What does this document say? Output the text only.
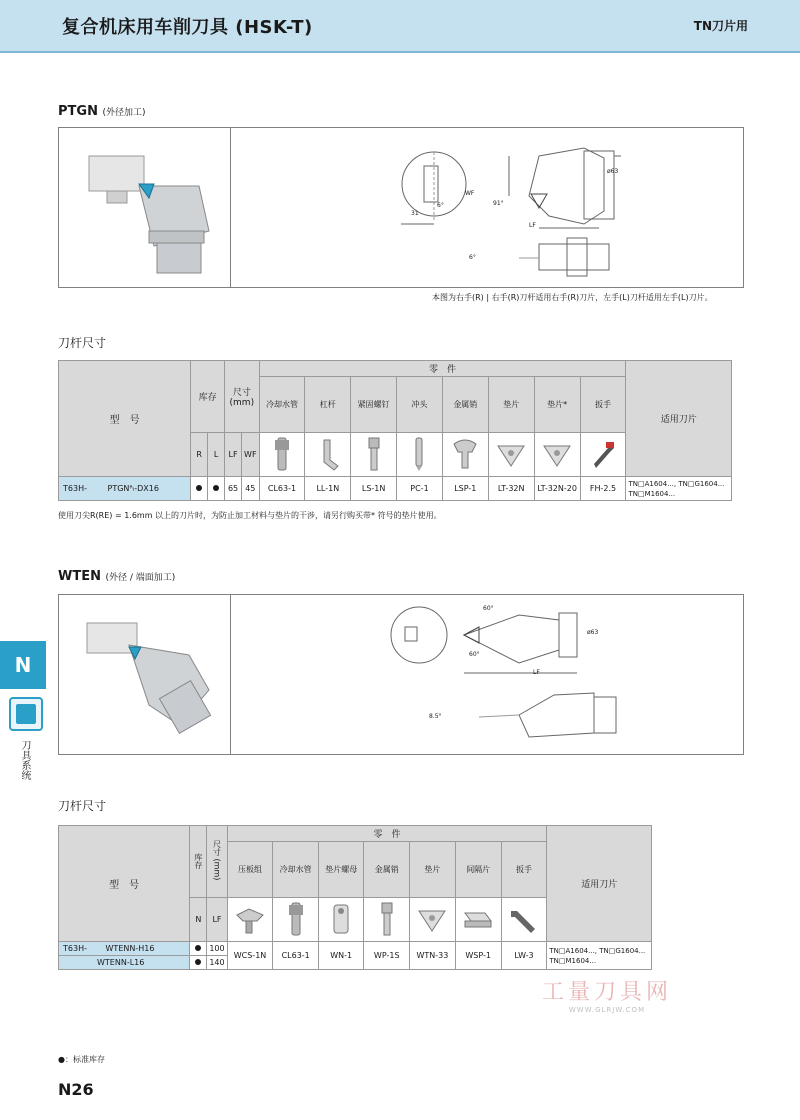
复合机床用车削刀具 (HSK-T)	TN刀片用
N
刀具系统
PTGN (外径加工)
WF
LF
ø63
31
6°	91°
6°
本图为右手(R) | 右手(R)刀杆适用右手(R)刀片，左手(L)刀杆适用左手(L)刀片。
刀杆尺寸
型　号	库存		尺寸 (mm)		零　件								适用刀片
					冷却水管	杠杆	紧固螺钉	冲头	金属销	垫片	垫片*	扳手	
	R	L	LF	WF								
T63H- PTGNᴿₗ-DX16			65	45	CL63-1	LL-1N	LS-1N	PC-1	LSP-1	LT-32N	LT-32N-20	FH-2.5	TN□A1604..., TN□G1604...
TN□M1604...
使用刀尖R(RE) = 1.6mm 以上的刀片时，为防止加工材料与垫片的干涉，请另行购买带* 符号的垫片使用。
WTEN (外径 / 端面加工)
60°
60°
ø63
LF
8.5°
刀杆尺寸
型　号	库存	尺寸 (mm)	零　件							适用刀片
			压板组	冷却水管	垫片螺母	金属销	垫片	间隔片	扳手	
	N	LF							
T63H- WTENN-H16		100	WCS-1N	CL63-1	WN-1	WP-1S	WTN-33	WSP-1	LW-3	TN□A1604..., TN□G1604...
TN□M1604...

WTENN-L16		140								
工量刀具网
WWW.GLRJW.COM
●：标准库存
N26
